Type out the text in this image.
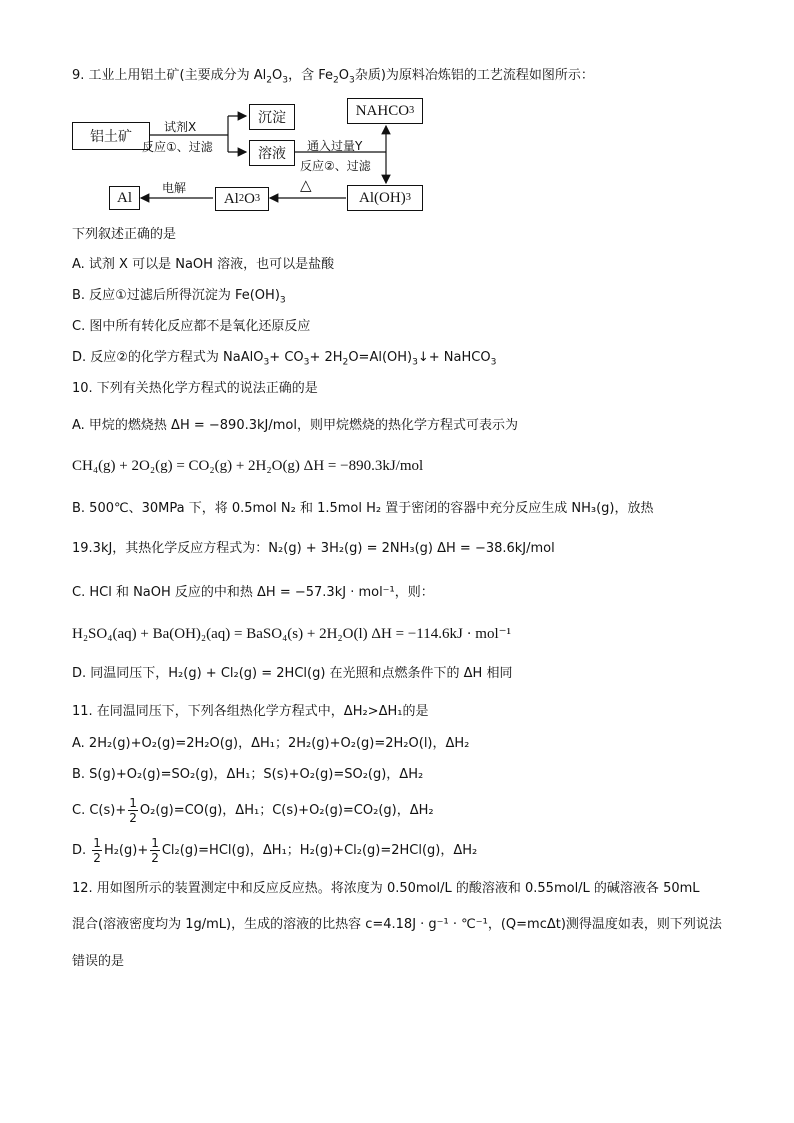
9. 工业上用铝土矿(主要成分为 $Al_2O_3$，含 $Fe_2O_3$杂质)为原料冶炼铝的工艺流程如图所示：
铝土矿
沉淀
溶液
NAHCO 3
Al(OH) 3
Al 2 O 3
Al
试剂X
反应①、过滤	通入过量Y
反应②、过滤
△
电解
下列叙述正确的是
A. 试剂 X 可以是 NaOH 溶液，也可以是盐酸
B. 反应①过滤后所得沉淀为 $Fe(OH)_3$
C. 图中所有转化反应都不是氧化还原反应
D. 反应②的化学方程式为 NaAlO$_3$+ $CO_3+$ $2H_2O=Al(OH)_3↓+$ NaHCO$_3$
10. 下列有关热化学方程式的说法正确的是
A. 甲烷的燃烧热 ΔH = −890.3kJ/mol，则甲烷燃烧的热化学方程式可表示为
CH₄(g) + 2O₂(g) = CO₂(g) + 2H₂O(g) ΔH = −890.3kJ/mol
B. 500℃、30MPa 下，将 0.5mol N₂ 和 1.5mol H₂ 置于密闭的容器中充分反应生成 NH₃(g)，放热
19.3kJ，其热化学反应方程式为：N₂(g) + 3H₂(g) = 2NH₃(g) ΔH = −38.6kJ/mol
C. HCl 和 NaOH 反应的中和热 ΔH = −57.3kJ · mol⁻¹，则：
H₂SO₄(aq) + Ba(OH)₂(aq) = BaSO₄(s) + 2H₂O(l) ΔH = −114.6kJ · mol⁻¹
D. 同温同压下，H₂(g) + Cl₂(g) = 2HCl(g) 在光照和点燃条件下的 ΔH 相同
11. 在同温同压下，下列各组热化学方程式中，ΔH₂>ΔH₁的是
A. 2H₂(g)+O₂(g)=2H₂O(g)，ΔH₁；2H₂(g)+O₂(g)=2H₂O(l)，ΔH₂
B. S(g)+O₂(g)=SO₂(g)，ΔH₁；S(s)+O₂(g)=SO₂(g)，ΔH₂
C. $C(s)+ \frac{1}{2} O_2(g)=CO(g)$，ΔH₁；C(s)+O₂(g)=CO₂(g)，ΔH₂
D. $\frac{1}{2} H_2(g)+ \frac{1}{2} Cl_2(g)=HCl(g)$，ΔH₁；H₂(g)+Cl₂(g)=2HCl(g)，ΔH₂
12. 用如图所示的装置测定中和反应反应热。将浓度为 0.50mol/L 的酸溶液和 0.55mol/L 的碱溶液各 50mL
混合(溶液密度均为 1g/mL)，生成的溶液的比热容 c=4.18J · g⁻¹ · ℃⁻¹，(Q=mcΔt)测得温度如表，则下列说法
错误的是
